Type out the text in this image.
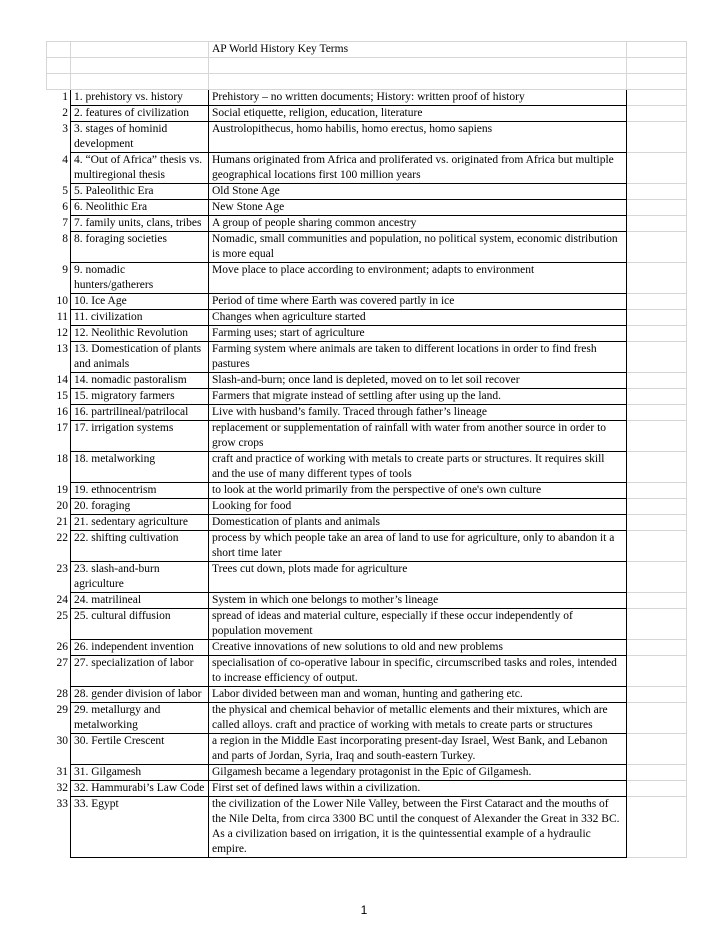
		AP World History Key Terms	

1	1. prehistory vs. history	Prehistory – no written documents; History: written proof of history	
2	2. features of civilization	Social etiquette, religion, education, literature	
3	3. stages of hominid development	Austrolopithecus, homo habilis, homo erectus, homo sapiens	
4	4. “Out of Africa” thesis vs. multiregional thesis	Humans originated from Africa and proliferated vs. originated from Africa but multiple geographical locations first 100 million years	
5	5. Paleolithic Era	Old Stone Age	
6	6. Neolithic Era	New Stone Age	
7	7. family units, clans, tribes	A group of people sharing common ancestry	
8	8. foraging societies	Nomadic, small communities and population, no political system, economic distribution is more equal	
9	9. nomadic hunters/gatherers	Move place to place according to environment; adapts to environment	
10	10. Ice Age	Period of time where Earth was covered partly in ice	
11	11. civilization	Changes when agriculture started	
12	12. Neolithic Revolution	Farming uses; start of agriculture	
13	13. Domestication of plants and animals	Farming system where animals are taken to different locations in order to find fresh pastures	
14	14. nomadic pastoralism	Slash-and-burn; once land is depleted, moved on to let soil recover	
15	15. migratory farmers	Farmers that migrate instead of settling after using up the land.	
16	16. partrilineal/patrilocal	Live with husband’s family. Traced through father’s lineage	
17	17. irrigation systems	replacement or supplementation of rainfall with water from another source in order to grow crops	
18	18. metalworking	craft and practice of working with metals to create parts or structures. It requires skill and the use of many different types of tools	
19	19. ethnocentrism	to look at the world primarily from the perspective of one's own culture	
20	20. foraging	Looking for food	
21	21. sedentary agriculture	Domestication of plants and animals	
22	22. shifting cultivation	process by which people take an area of land to use for agriculture, only to abandon it a short time later	
23	23. slash-and-burn agriculture	Trees cut down, plots made for agriculture	
24	24. matrilineal	System in which one belongs to mother’s lineage	
25	25. cultural diffusion	spread of ideas and material culture, especially if these occur independently of population movement	
26	26. independent invention	Creative innovations of new solutions to old and new problems	
27	27. specialization of labor	specialisation of co-operative labour in specific, circumscribed tasks and roles, intended to increase efficiency of output.	
28	28. gender division of labor	Labor divided between man and woman, hunting and gathering etc.	
29	29. metallurgy and metalworking	the physical and chemical behavior of metallic elements and their mixtures, which are called alloys. craft and practice of working with metals to create parts or structures	
30	30. Fertile Crescent	a region in the Middle East incorporating present-day Israel, West Bank, and Lebanon and parts of Jordan, Syria, Iraq and south-eastern Turkey.	
31	31. Gilgamesh	Gilgamesh became a legendary protagonist in the Epic of Gilgamesh.	
32	32. Hammurabi’s Law Code	First set of defined laws within a civilization.	
33	33. Egypt	the civilization of the Lower Nile Valley, between the First Cataract and the mouths of the Nile Delta, from circa 3300 BC until the conquest of Alexander the Great in 332 BC. As a civilization based on irrigation, it is the quintessential example of a hydraulic empire.	
1
